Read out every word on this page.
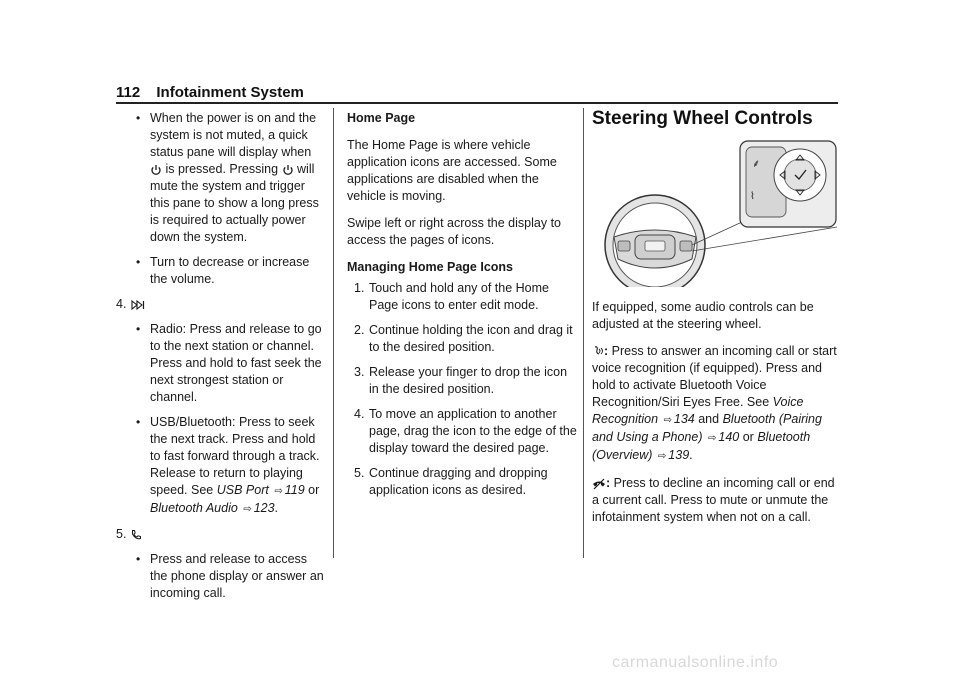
112 Infotainment System
• When the power is on and the system is not muted, a quick status pane will display when  is pressed. Pressing will mute the system and trigger this pane to show a long press is required to actually power down the system.
• Turn to decrease or increase the volume.
4.
• Radio: Press and release to go to the next station or channel. Press and hold to fast seek the next strongest station or channel.
• USB/Bluetooth: Press to seek the next track. Press and hold to fast forward through a track. Release to return to playing speed. See USB Port ⇨ 119 or Bluetooth Audio ⇨ 123.
5.
• Press and release to access the phone display or answer an incoming call.

Home Page

The Home Page is where vehicle application icons are accessed. Some applications are disabled when the vehicle is moving.

Swipe left or right across the display to access the pages of icons.

Managing Home Page Icons

1. Touch and hold any of the Home Page icons to enter edit mode.
2. Continue holding the icon and drag it to the desired position.
3. Release your finger to drop the icon in the desired position.
4. To move an application to another page, drag the icon to the edge of the display toward the desired page.
5. Continue dragging and dropping application icons as desired.
Steering Wheel Controls
⸙
⌇

If equipped, some audio controls can be adjusted at the steering wheel.

: Press to answer an incoming call or start voice recognition (if equipped). Press and hold to activate Bluetooth Voice Recognition/Siri Eyes Free. See Voice Recognition ⇨ 134 and Bluetooth (Pairing and Using a Phone) ⇨ 140 or Bluetooth (Overview) ⇨ 139.

: Press to decline an incoming call or end a current call. Press to mute or unmute the infotainment system when not on a call.

carmanualsonline.info
